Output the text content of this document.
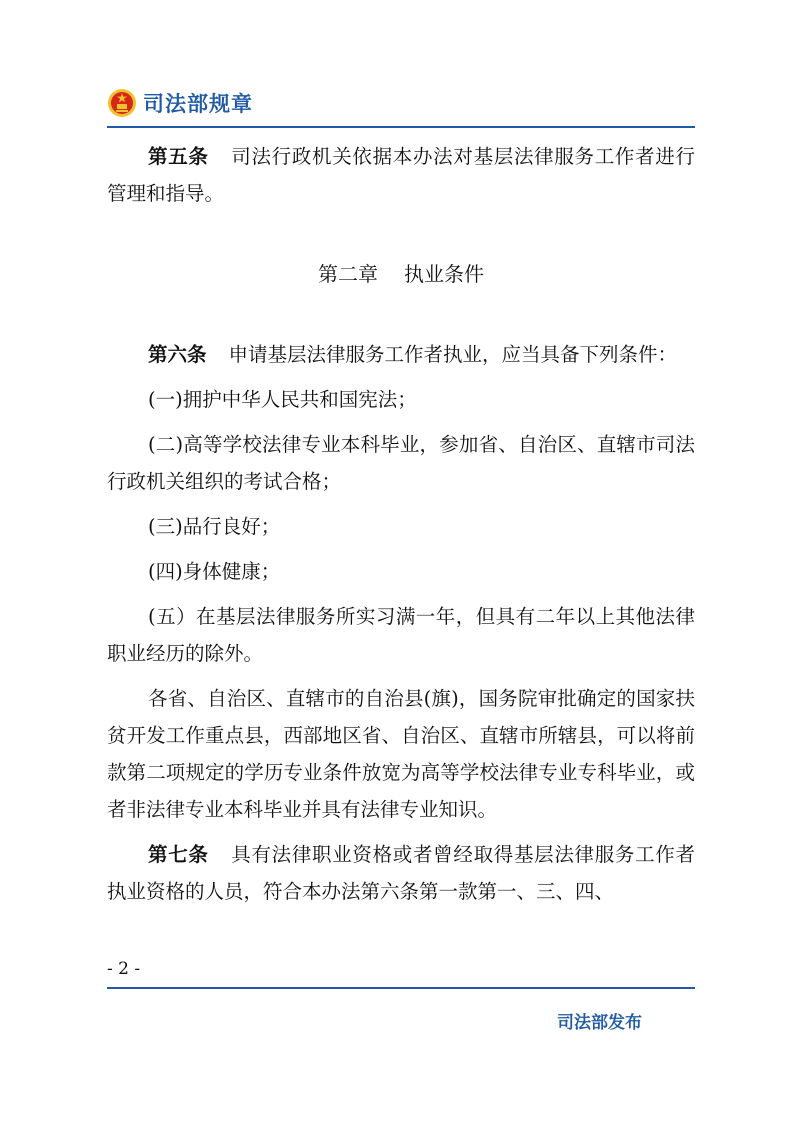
司法部规章

第五条 司法行政机关依据本办法对基层法律服务工作者进行管理和指导。

第二章 执业条件

第六条 申请基层法律服务工作者执业，应当具备下列条件：

(一)拥护中华人民共和国宪法；

(二)高等学校法律专业本科毕业，参加省、自治区、直辖市司法行政机关组织的考试合格；

(三)品行良好；

(四)身体健康；

(五）在基层法律服务所实习满一年，但具有二年以上其他法律职业经历的除外。

各省、自治区、直辖市的自治县(旗)，国务院审批确定的国家扶贫开发工作重点县，西部地区省、自治区、直辖市所辖县，可以将前款第二项规定的学历专业条件放宽为高等学校法律专业专科毕业，或者非法律专业本科毕业并具有法律专业知识。

第七条 具有法律职业资格或者曾经取得基层法律服务工作者执业资格的人员，符合本办法第六条第一款第一、三、四、

- 2 -
司法部发布
